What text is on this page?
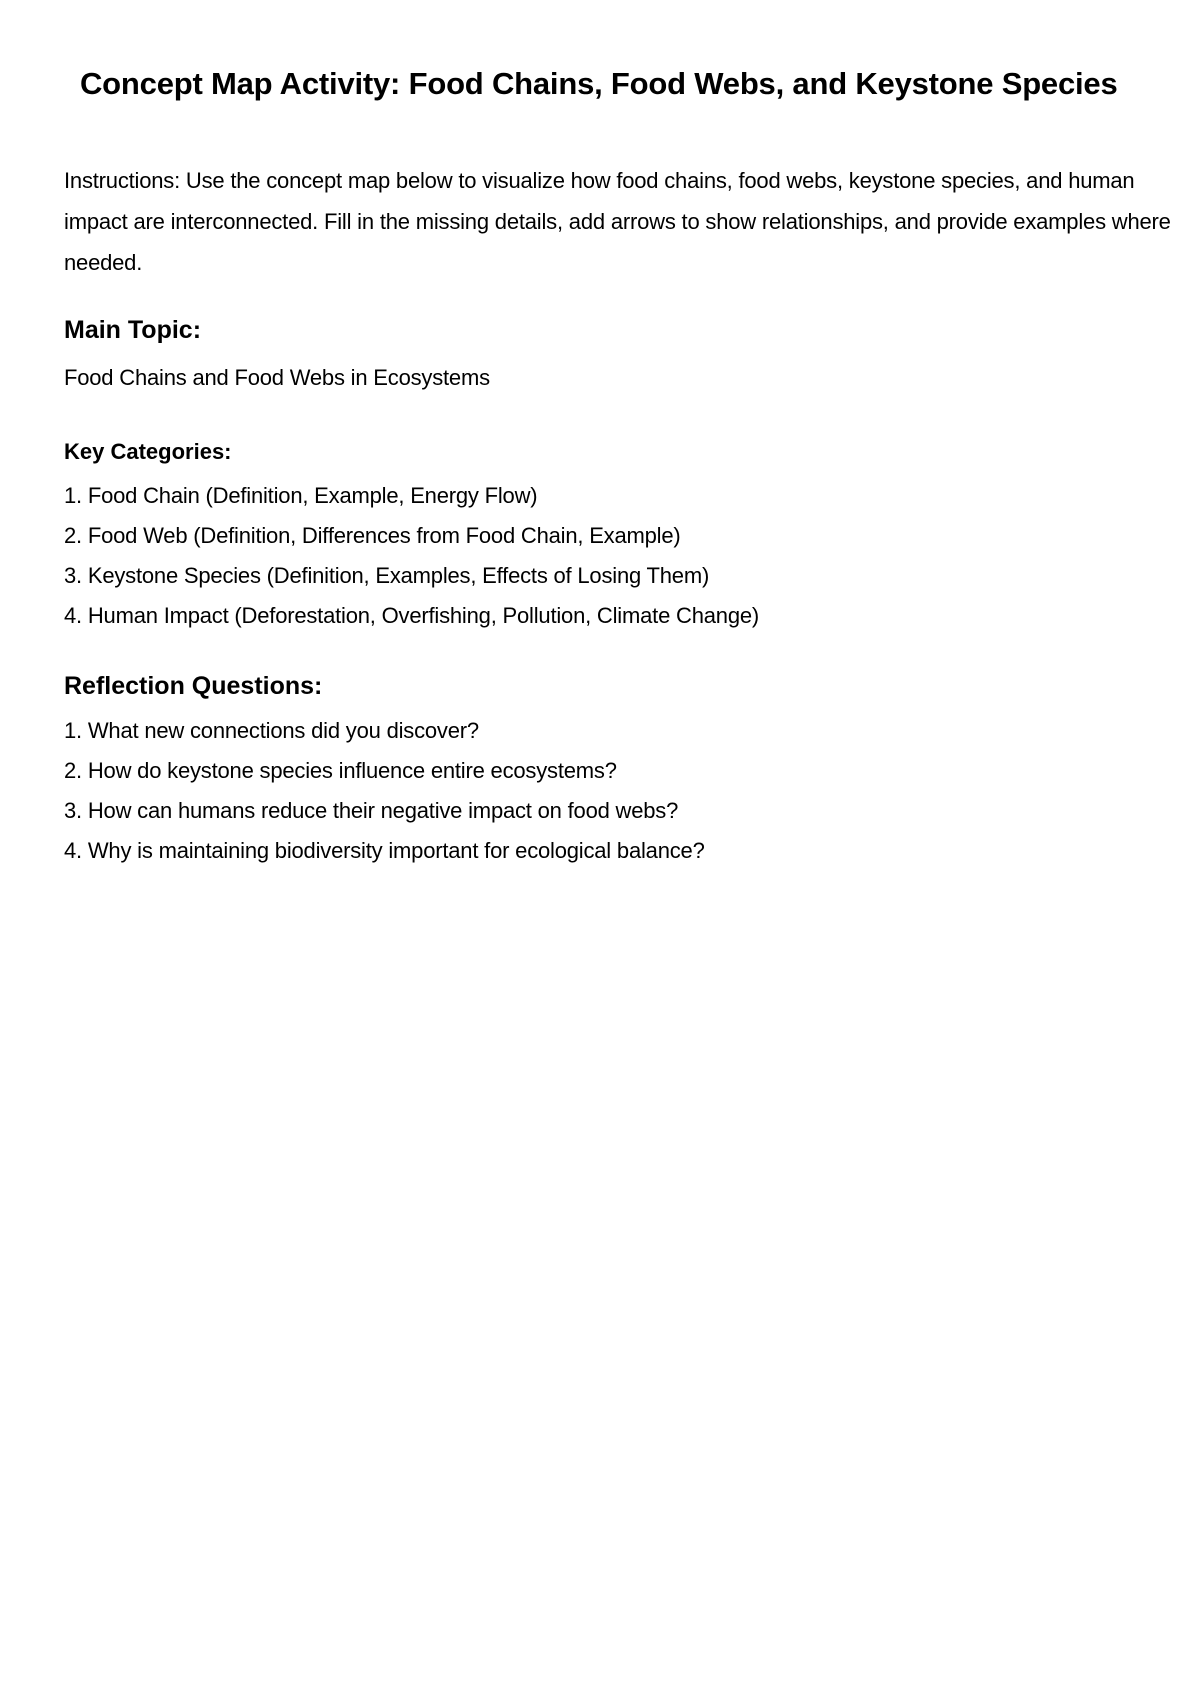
Concept Map Activity: Food Chains, Food Webs, and Keystone Species

Instructions: Use the concept map below to visualize how food chains, food webs, keystone species, and human impact are interconnected. Fill in the missing details, add arrows to show relationships, and provide examples where needed.

Main Topic:

Food Chains and Food Webs in Ecosystems

Key Categories:
1. Food Chain (Definition, Example, Energy Flow)
2. Food Web (Definition, Differences from Food Chain, Example)
3. Keystone Species (Definition, Examples, Effects of Losing Them)
4. Human Impact (Deforestation, Overfishing, Pollution, Climate Change)
Reflection Questions:
1. What new connections did you discover?
2. How do keystone species influence entire ecosystems?
3. How can humans reduce their negative impact on food webs?
4. Why is maintaining biodiversity important for ecological balance?
